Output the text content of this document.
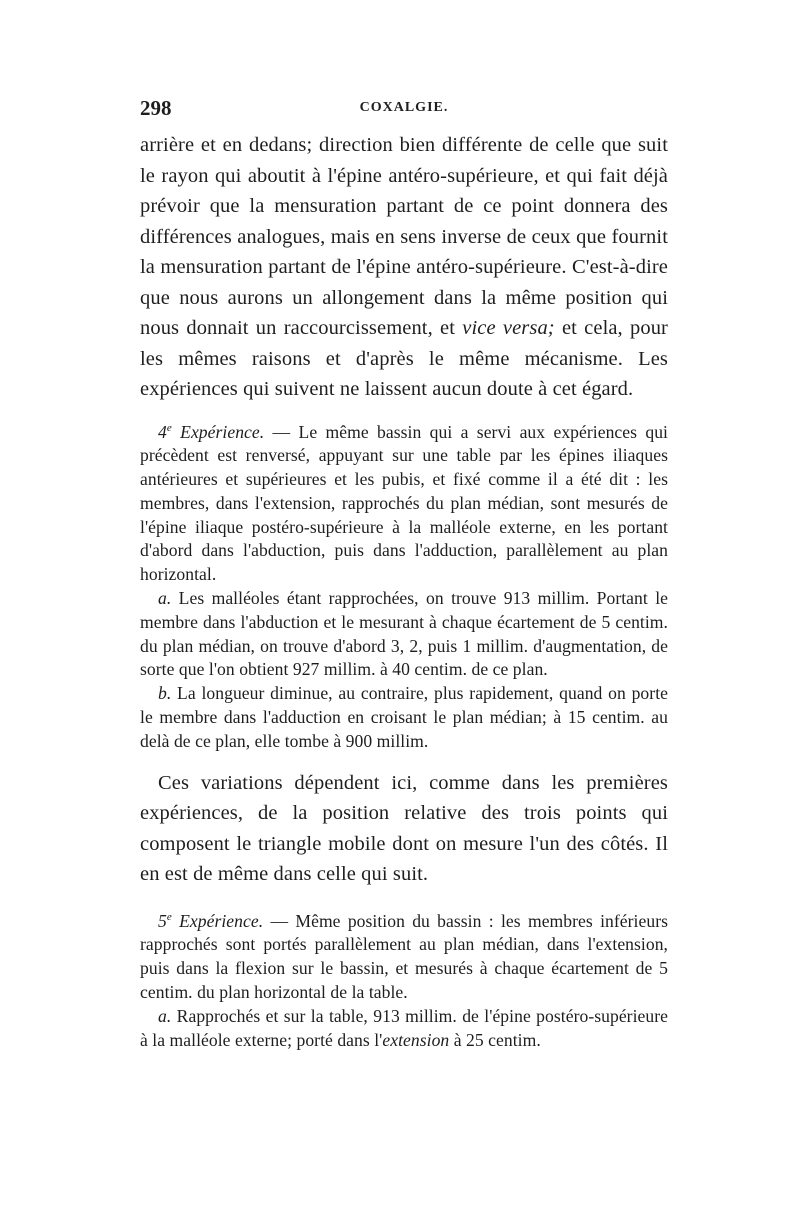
298	COXALGIE.

arrière et en dedans; direction bien différente de celle que suit le rayon qui aboutit à l'épine antéro-supérieure, et qui fait déjà prévoir que la mensuration partant de ce point donnera des différences analogues, mais en sens inverse de ceux que fournit la mensuration partant de l'épine antéro-supérieure. C'est-à-dire que nous aurons un allongement dans la même position qui nous donnait un raccourcissement, et vice versa; et cela, pour les mêmes raisons et d'après le même mécanisme. Les expériences qui suivent ne laissent aucun doute à cet égard.

4e Expérience. — Le même bassin qui a servi aux expériences qui précèdent est renversé, appuyant sur une table par les épines iliaques antérieures et supérieures et les pubis, et fixé comme il a été dit : les membres, dans l'extension, rapprochés du plan médian, sont mesurés de l'épine iliaque postéro-supérieure à la malléole externe, en les portant d'abord dans l'abduction, puis dans l'adduction, parallèlement au plan horizontal.

a. Les malléoles étant rapprochées, on trouve 913 millim. Portant le membre dans l'abduction et le mesurant à chaque écartement de 5 centim. du plan médian, on trouve d'abord 3, 2, puis 1 millim. d'augmentation, de sorte que l'on obtient 927 millim. à 40 centim. de ce plan.

b. La longueur diminue, au contraire, plus rapidement, quand on porte le membre dans l'adduction en croisant le plan médian; à 15 centim. au delà de ce plan, elle tombe à 900 millim.

Ces variations dépendent ici, comme dans les premières expériences, de la position relative des trois points qui composent le triangle mobile dont on mesure l'un des côtés. Il en est de même dans celle qui suit.

5e Expérience. — Même position du bassin : les membres inférieurs rapprochés sont portés parallèlement au plan médian, dans l'extension, puis dans la flexion sur le bassin, et mesurés à chaque écartement de 5 centim. du plan horizontal de la table.

a. Rapprochés et sur la table, 913 millim. de l'épine postéro-supérieure à la malléole externe; porté dans l'extension à 25 centim.
